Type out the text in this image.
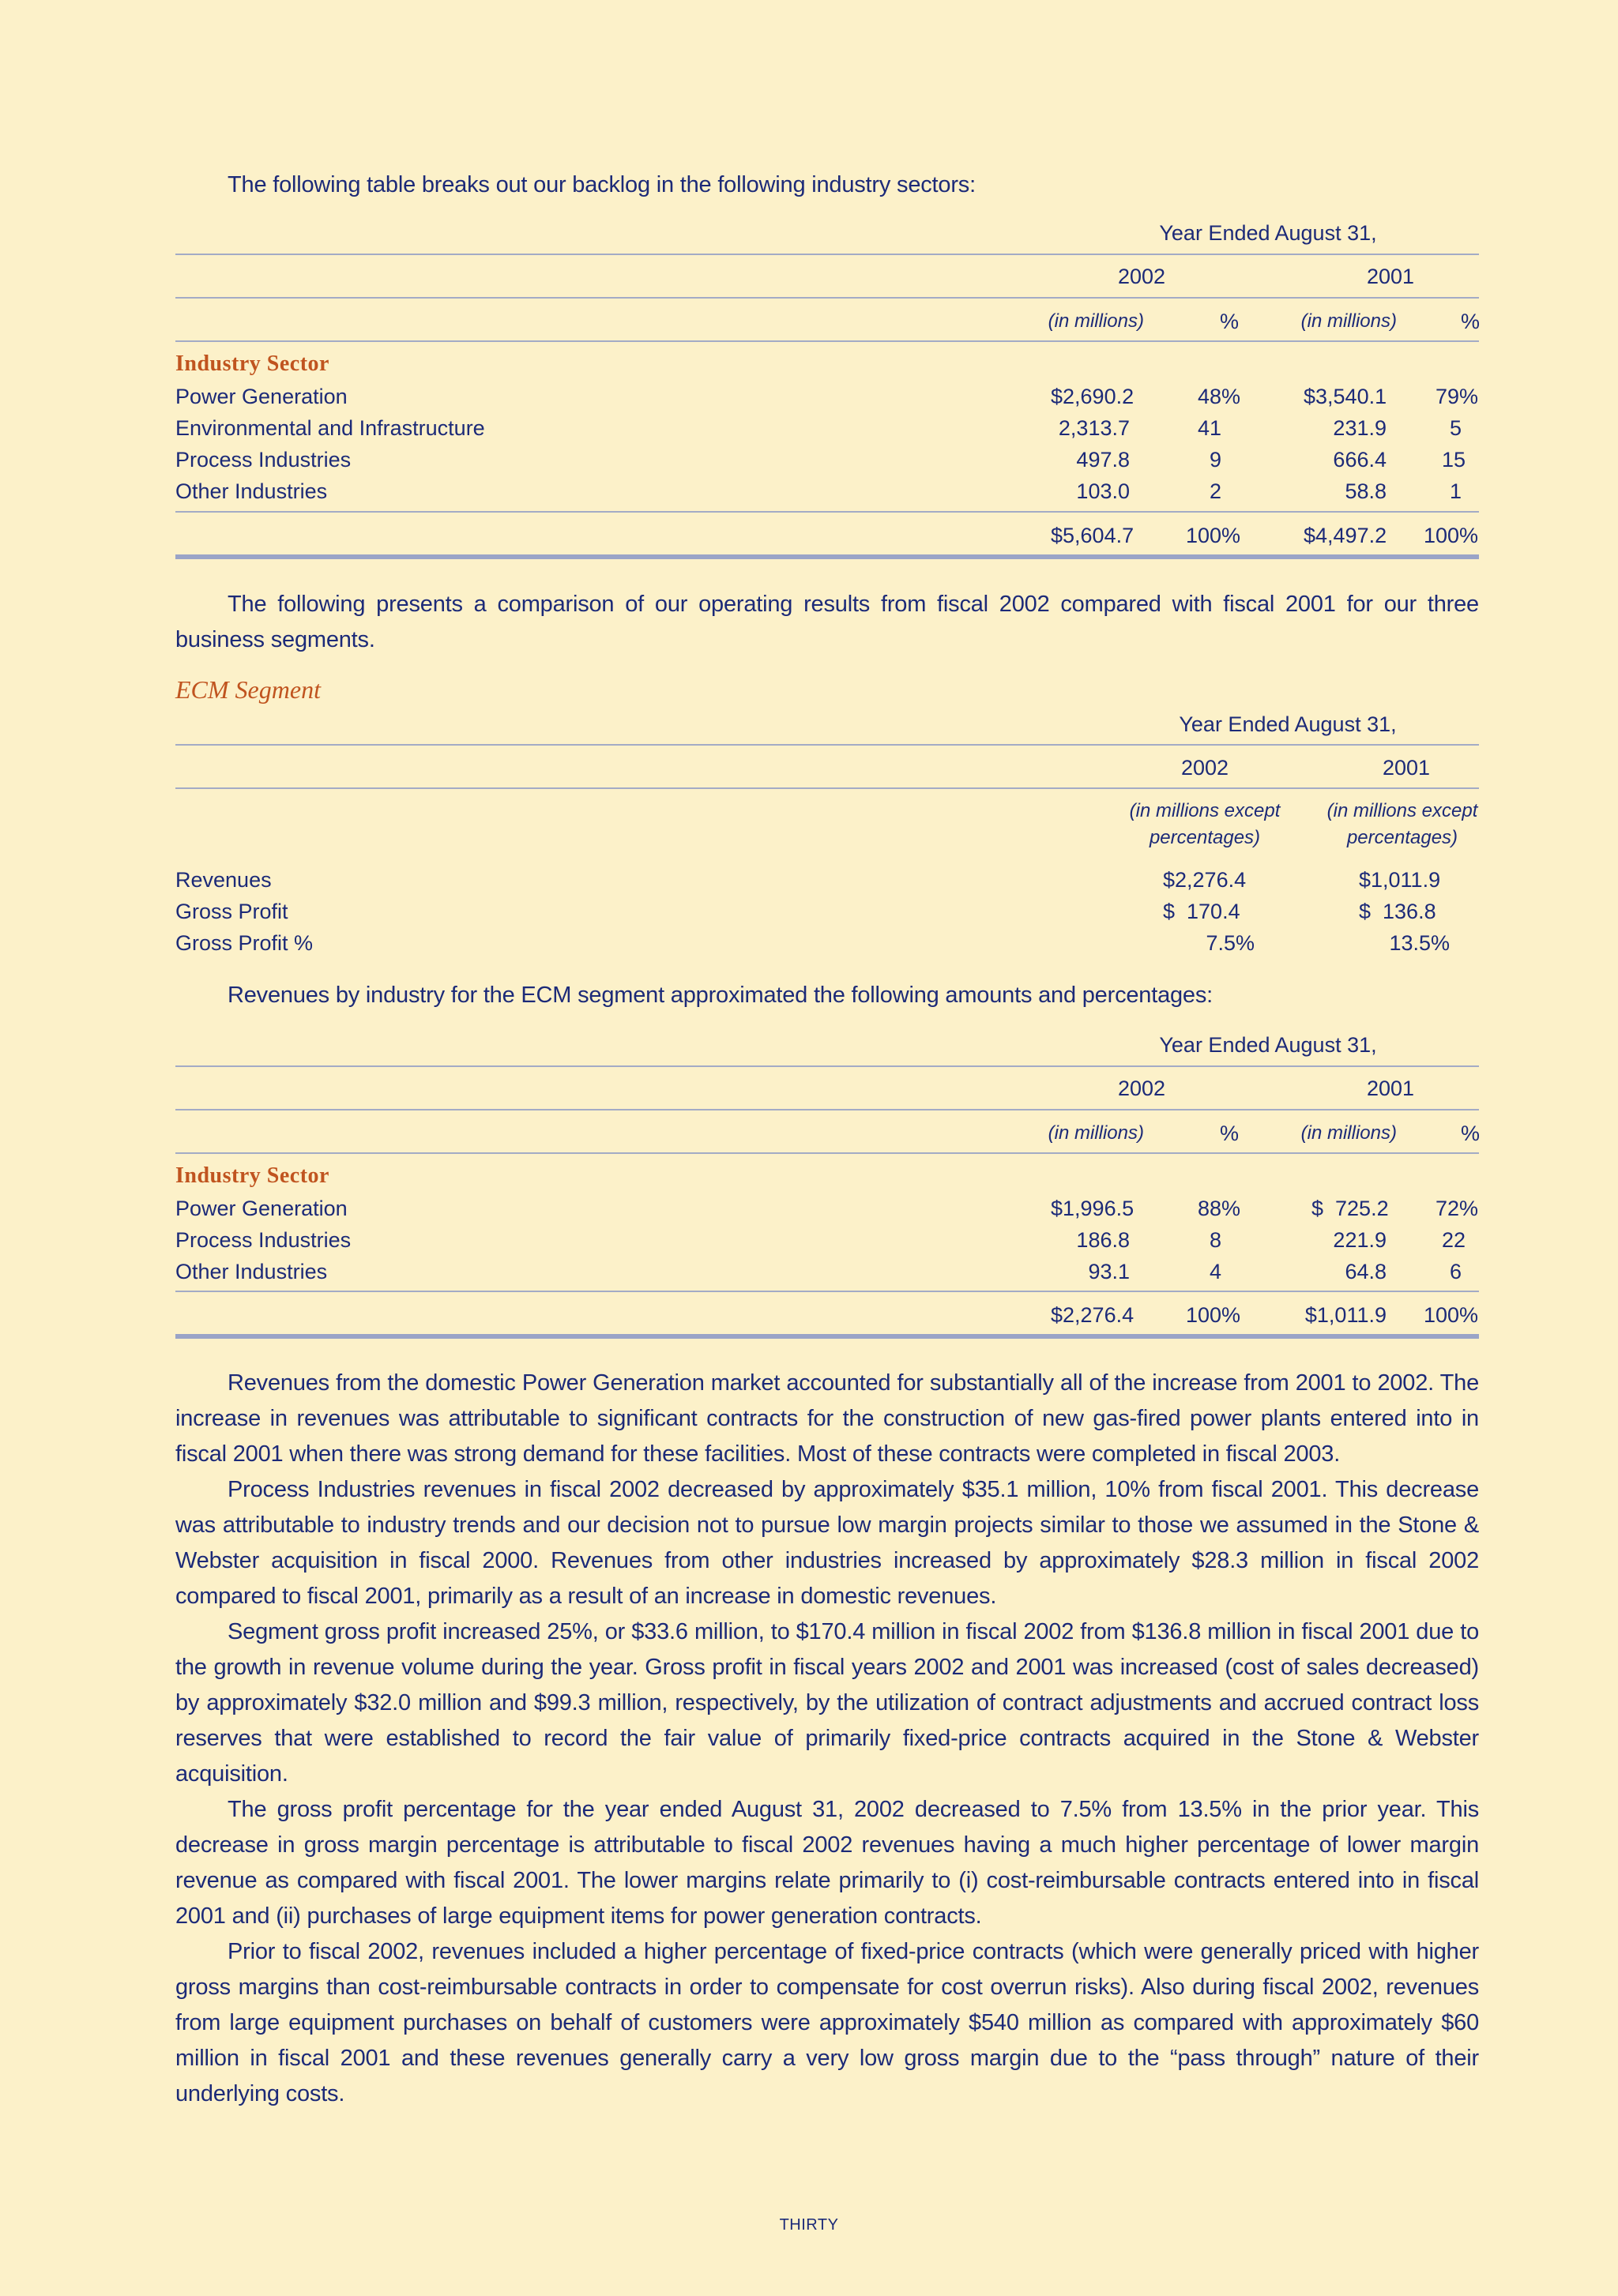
The following table breaks out our backlog in the following industry sectors:

Year Ended August 31,
2002	2001
(in millions)	%	(in millions)	%
Industry Sector
Power Generation	$2,690.2	48%	$3,540.1	79%
Environmental and Infrastructure	2,313.7	41	231.9	5
Process Industries	497.8	9	666.4	15
Other Industries	103.0	2	58.8	1
$5,604.7	100%	$4,497.2 100%

The following presents a comparison of our operating results from fiscal 2002 compared with fiscal 2001 for our three business segments.

ECM Segment

Year Ended August 31,
2002	2001
(in millions except
percentages)
(in millions except
percentages)
Revenues	$2,276.4	$1,011.9
Gross Profit	$  170.4	$  136.8
Gross Profit %	7.5%	13.5%

Revenues by industry for the ECM segment approximated the following amounts and percentages:

Year Ended August 31,
2002	2001
(in millions)	%	(in millions)	%
Industry Sector
Power Generation	$1,996.5	88%	$  725.2	72%
Process Industries	186.8	8	221.9	22
Other Industries	93.1	4	64.8	6
$2,276.4	100%	$1,011.9 100%

Revenues from the domestic Power Generation market accounted for substantially all of the increase from 2001 to 2002. The increase in revenues was attributable to significant contracts for the construction of new gas-fired power plants entered into in fiscal 2001 when there was strong demand for these facilities. Most of these contracts were completed in fiscal 2003.

Process Industries revenues in fiscal 2002 decreased by approximately $35.1 million, 10% from fiscal 2001. This decrease was attributable to industry trends and our decision not to pursue low margin projects similar to those we assumed in the Stone & Webster acquisition in fiscal 2000. Revenues from other industries increased by approximately $28.3 million in fiscal 2002 compared to fiscal 2001, primarily as a result of an increase in domestic revenues.

Segment gross profit increased 25%, or $33.6 million, to $170.4 million in fiscal 2002 from $136.8 million in fiscal 2001 due to the growth in revenue volume during the year. Gross profit in fiscal years 2002 and 2001 was increased (cost of sales decreased) by approximately $32.0 million and $99.3 million, respectively, by the utilization of contract adjustments and accrued contract loss reserves that were established to record the fair value of primarily fixed-price contracts acquired in the Stone & Webster acquisition.

The gross profit percentage for the year ended August 31, 2002 decreased to 7.5% from 13.5% in the prior year. This decrease in gross margin percentage is attributable to fiscal 2002 revenues having a much higher percentage of lower margin revenue as compared with fiscal 2001. The lower margins relate primarily to (i) cost-reimbursable contracts entered into in fiscal 2001 and (ii) purchases of large equipment items for power generation contracts.

Prior to fiscal 2002, revenues included a higher percentage of fixed-price contracts (which were generally priced with higher gross margins than cost-reimbursable contracts in order to compensate for cost overrun risks). Also during fiscal 2002, revenues from large equipment purchases on behalf of customers were approximately $540 million as compared with approximately $60 million in fiscal 2001 and these revenues generally carry a very low gross margin due to the “pass through” nature of their underlying costs.

THIRTY
